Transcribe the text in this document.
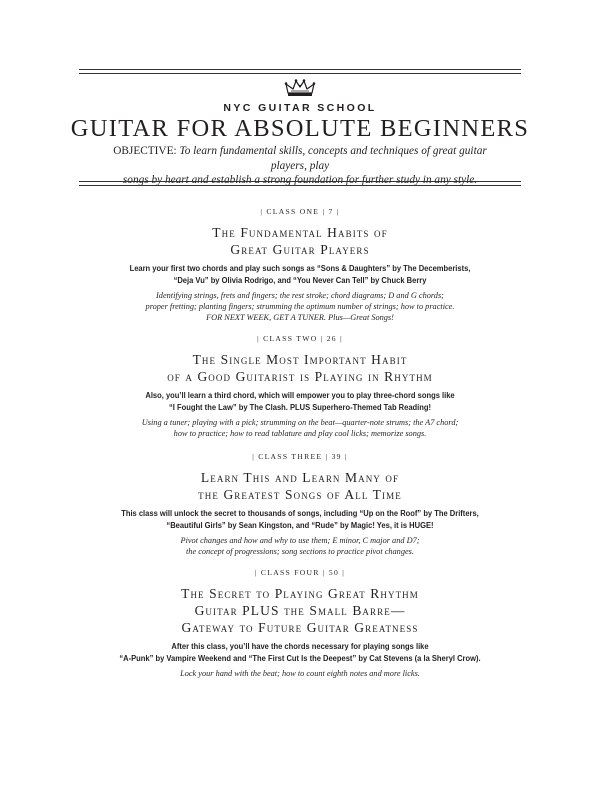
NYC GUITAR SCHOOL
GUITAR FOR ABSOLUTE BEGINNERS
OBJECTIVE: To learn fundamental skills, concepts and techniques of great guitar players, play
songs by heart and establish a strong foundation for further study in any style.
| CLASS ONE | 7 |
The Fundamental Habits of
Great Guitar Players
Learn your first two chords and play such songs as “Sons & Daughters” by The Decemberists,
“Deja Vu” by Olivia Rodrigo, and “You Never Can Tell” by Chuck Berry
Identifying strings, frets and fingers; the rest stroke; chord diagrams; D and G chords;
proper fretting; planting fingers; strumming the optimum number of strings; how to practice.
FOR NEXT WEEK, GET A TUNER. Plus—Great Songs!
| CLASS TWO | 26 |
The Single Most Important Habit
of a Good Guitarist is Playing in Rhythm
Also, you’ll learn a third chord, which will empower you to play three-chord songs like
“I Fought the Law” by The Clash. PLUS Superhero-Themed Tab Reading!
Using a tuner; playing with a pick; strumming on the beat—quarter-note strums; the A7 chord;
how to practice; how to read tablature and play cool licks; memorize songs.
| CLASS THREE | 39 |
Learn This and Learn Many of
the Greatest Songs of All Time
This class will unlock the secret to thousands of songs, including “Up on the Roof” by The Drifters,
“Beautiful Girls” by Sean Kingston, and “Rude” by Magic! Yes, it is HUGE!
Pivot changes and how and why to use them; E minor, C major and D7;
the concept of progressions; song sections to practice pivot changes.
| CLASS FOUR | 50 |
The Secret to Playing Great Rhythm
Guitar PLUS the Small Barre—
Gateway to Future Guitar Greatness
After this class, you’ll have the chords necessary for playing songs like
“A-Punk” by Vampire Weekend and “The First Cut Is the Deepest” by Cat Stevens (a la Sheryl Crow).
Lock your hand with the beat; how to count eighth notes and more licks.
